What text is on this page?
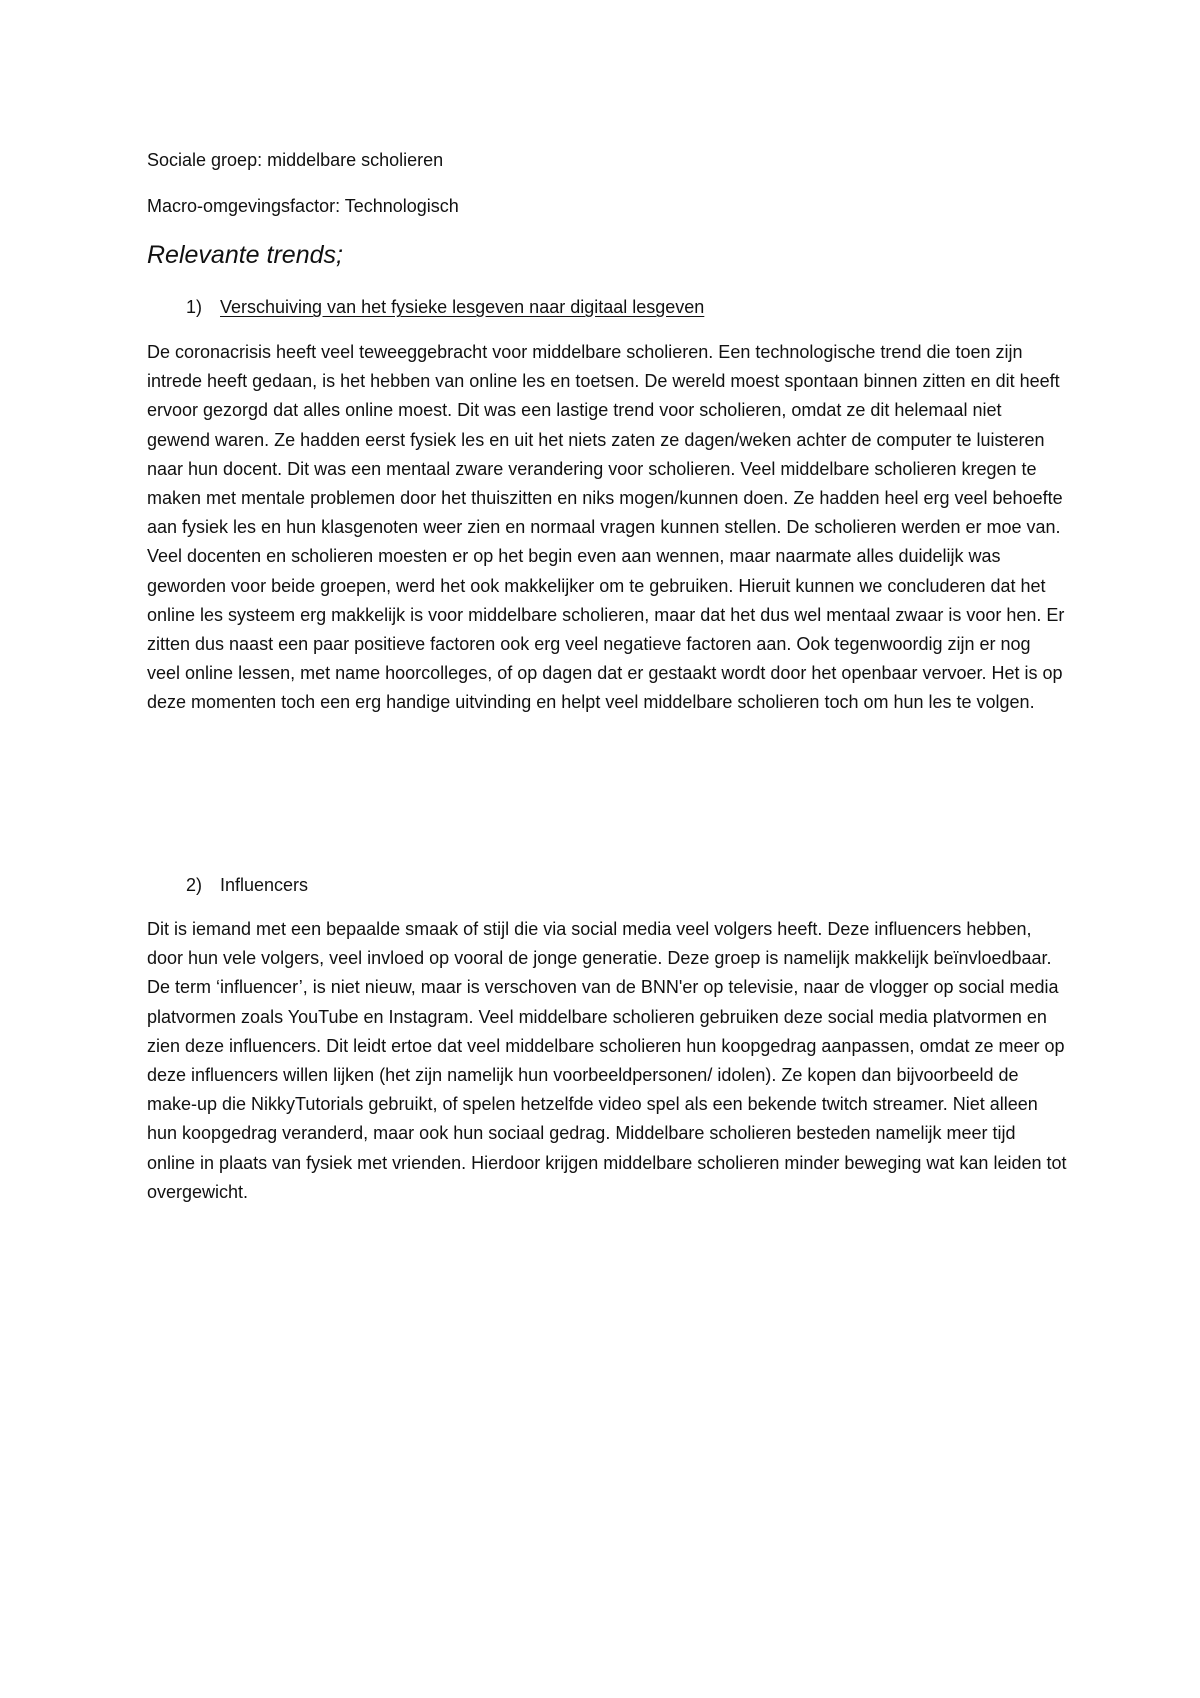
Sociale groep: middelbare scholieren
Macro-omgevingsfactor: Technologisch
Relevante trends;
1) Verschuiving van het fysieke lesgeven naar digitaal lesgeven

De coronacrisis heeft veel teweeggebracht voor middelbare scholieren. Een technologische trend die toen zijn intrede heeft gedaan, is het hebben van online les en toetsen. De wereld moest spontaan binnen zitten en dit heeft ervoor gezorgd dat alles online moest. Dit was een lastige trend voor scholieren, omdat ze dit helemaal niet gewend waren. Ze hadden eerst fysiek les en uit het niets zaten ze dagen/weken achter de computer te luisteren naar hun docent. Dit was een mentaal zware verandering voor scholieren. Veel middelbare scholieren kregen te maken met mentale problemen door het thuiszitten en niks mogen/kunnen doen. Ze hadden heel erg veel behoefte aan fysiek les en hun klasgenoten weer zien en normaal vragen kunnen stellen. De scholieren werden er moe van. Veel docenten en scholieren moesten er op het begin even aan wennen, maar naarmate alles duidelijk was geworden voor beide groepen, werd het ook makkelijker om te gebruiken. Hieruit kunnen we concluderen dat het online les systeem erg makkelijk is voor middelbare scholieren, maar dat het dus wel mentaal zwaar is voor hen. Er zitten dus naast een paar positieve factoren ook erg veel negatieve factoren aan. Ook tegenwoordig zijn er nog veel online lessen, met name hoorcolleges, of op dagen dat er gestaakt wordt door het openbaar vervoer. Het is op deze momenten toch een erg handige uitvinding en helpt veel middelbare scholieren toch om hun les te volgen.

2) Influencers

Dit is iemand met een bepaalde smaak of stijl die via social media veel volgers heeft. Deze influencers hebben, door hun vele volgers, veel invloed op vooral de jonge generatie. Deze groep is namelijk makkelijk beïnvloedbaar. De term ‘influencer’, is niet nieuw, maar is verschoven van de BNN'er op televisie, naar de vlogger op social media platvormen zoals YouTube en Instagram. Veel middelbare scholieren gebruiken deze social media platvormen en zien deze influencers. Dit leidt ertoe dat veel middelbare scholieren hun koopgedrag aanpassen, omdat ze meer op deze influencers willen lijken (het zijn namelijk hun voorbeeldpersonen/ idolen). Ze kopen dan bijvoorbeeld de make-up die NikkyTutorials gebruikt, of spelen hetzelfde video spel als een bekende twitch streamer. Niet alleen hun koopgedrag veranderd, maar ook hun sociaal gedrag. Middelbare scholieren besteden namelijk meer tijd online in plaats van fysiek met vrienden. Hierdoor krijgen middelbare scholieren minder beweging wat kan leiden tot overgewicht.
